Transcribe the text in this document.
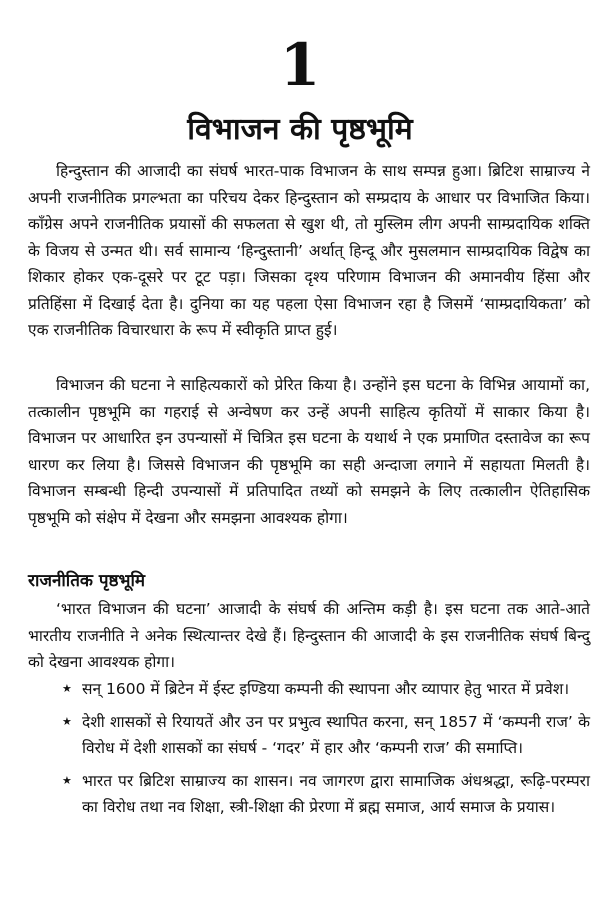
1
विभाजन की पृष्ठभूमि

हिन्दुस्तान की आजादी का संघर्ष भारत-पाक विभाजन के साथ सम्पन्न हुआ। ब्रिटिश साम्राज्य ने अपनी राजनीतिक प्रगल्भता का परिचय देकर हिन्दुस्तान को सम्प्रदाय के आधार पर विभाजित किया। कॉंग्रेस अपने राजनीतिक प्रयासों की सफलता से खुश थी, तो मुस्लिम लीग अपनी साम्प्रदायिक शक्ति के विजय से उन्मत थी। सर्व सामान्य ‘हिन्दुस्तानी’ अर्थात् हिन्दू और मुसलमान साम्प्रदायिक विद्वेष का शिकार होकर एक-दूसरे पर टूट पड़ा। जिसका दृश्य परिणाम विभाजन की अमानवीय हिंसा और प्रतिहिंसा में दिखाई देता है। दुनिया का यह पहला ऐसा विभाजन रहा है जिसमें ‘साम्प्रदायिकता’ को एक राजनीतिक विचारधारा के रूप में स्वीकृति प्राप्त हुई।

विभाजन की घटना ने साहित्यकारों को प्रेरित किया है। उन्होंने इस घटना के विभिन्न आयामों का, तत्कालीन पृष्ठभूमि का गहराई से अन्वेषण कर उन्हें अपनी साहित्य कृतियों में साकार किया है। विभाजन पर आधारित इन उपन्यासों में चित्रित इस घटना के यथार्थ ने एक प्रमाणित दस्तावेज का रूप धारण कर लिया है। जिससे विभाजन की पृष्ठभूमि का सही अन्दाजा लगाने में सहायता मिलती है। विभाजन सम्बन्धी हिन्दी उपन्यासों में प्रतिपादित तथ्यों को समझने के लिए तत्कालीन ऐतिहासिक पृष्ठभूमि को संक्षेप में देखना और समझना आवश्यक होगा।

राजनीतिक पृष्ठभूमि

‘भारत विभाजन की घटना’ आजादी के संघर्ष की अन्तिम कड़ी है। इस घटना तक आते-आते भारतीय राजनीति ने अनेक स्थित्यान्तर देखे हैं। हिन्दुस्तान की आजादी के इस राजनीतिक संघर्ष बिन्दु को देखना आवश्यक होगा।

★ सन् 1600 में ब्रिटेन में ईस्ट इण्डिया कम्पनी की स्थापना और व्यापार हेतु भारत में प्रवेश।
★ देशी शासकों से रियायतें और उन पर प्रभुत्व स्थापित करना, सन् 1857 में ‘कम्पनी राज’ के विरोध में देशी शासकों का संघर्ष - ‘गदर’ में हार और ‘कम्पनी राज’ की समाप्ति।
★ भारत पर ब्रिटिश साम्राज्य का शासन। नव जागरण द्वारा सामाजिक अंधश्रद्धा, रूढ़ि-परम्परा का विरोध तथा नव शिक्षा, स्त्री-शिक्षा की प्रेरणा में ब्रह्म समाज, आर्य समाज के प्रयास।
